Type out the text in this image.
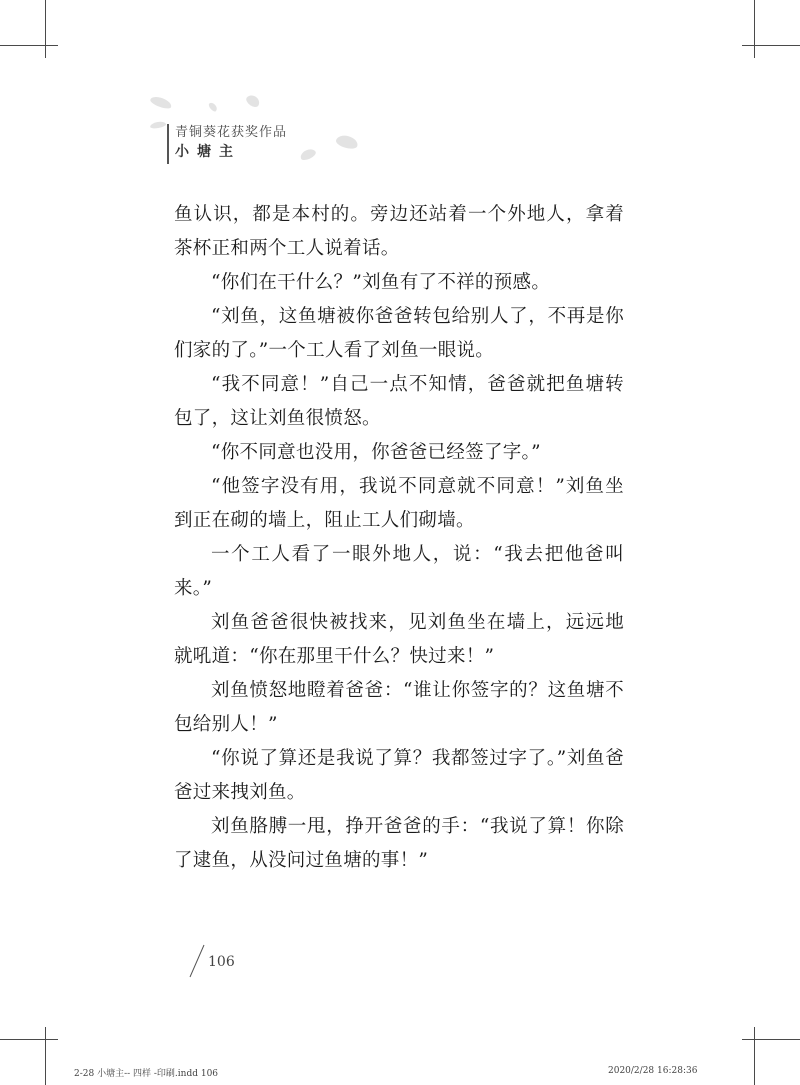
青铜葵花获奖作品
小塘主

鱼认识，都是本村的。旁边还站着一个外地人，拿着茶杯正和两个工人说着话。

“你们在干什么？”刘鱼有了不祥的预感。

“刘鱼，这鱼塘被你爸爸转包给别人了，不再是你们家的了。”一个工人看了刘鱼一眼说。

“我不同意！”自己一点不知情，爸爸就把鱼塘转包了，这让刘鱼很愤怒。

“你不同意也没用，你爸爸已经签了字。”

“他签字没有用，我说不同意就不同意！”刘鱼坐到正在砌的墙上，阻止工人们砌墙。

一个工人看了一眼外地人，说：“我去把他爸叫来。”

刘鱼爸爸很快被找来，见刘鱼坐在墙上，远远地就吼道：“你在那里干什么？快过来！”

刘鱼愤怒地瞪着爸爸：“谁让你签字的？这鱼塘不包给别人！”

“你说了算还是我说了算？我都签过字了。”刘鱼爸爸过来拽刘鱼。

刘鱼胳膊一甩，挣开爸爸的手：“我说了算！你除了逮鱼，从没问过鱼塘的事！”

106
2-28 小塘主-- 四样 -印刷.indd 106	2020/2/28 16:28:36
